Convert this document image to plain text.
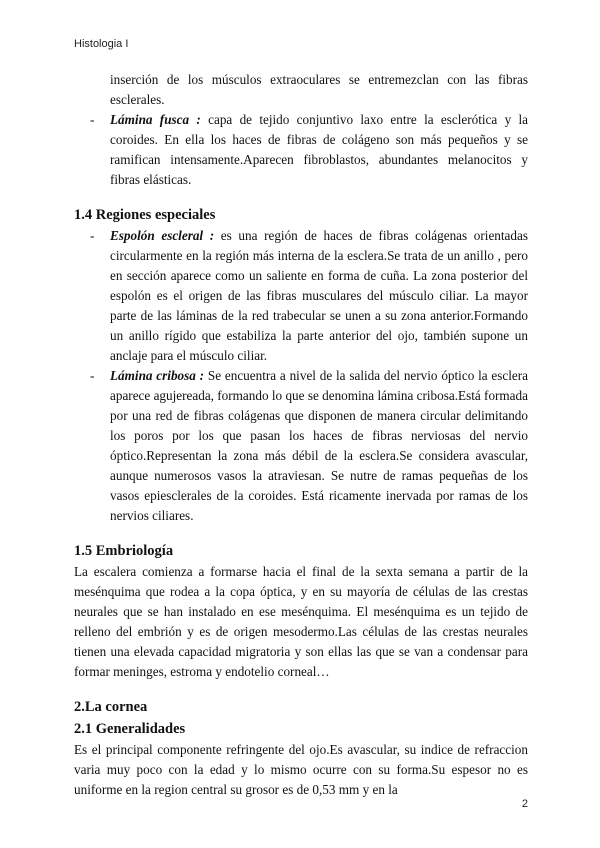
Histologia I

inserción de los músculos extraoculares se entremezclan con las fibras esclerales.

- Lámina fusca : capa de tejido conjuntivo laxo entre la esclerótica y la coroides. En ella los haces de fibras de colágeno son más pequeños y se ramifican intensamente.Aparecen fibroblastos, abundantes melanocitos y fibras elásticas.
1.4 Regiones especiales
- Espolón escleral : es una región de haces de fibras colágenas orientadas circularmente en la región más interna de la esclera.Se trata de un anillo , pero en sección aparece como un saliente en forma de cuña. La zona posterior del espolón es el origen de las fibras musculares del músculo ciliar. La mayor parte de las láminas de la red trabecular se unen a su zona anterior.Formando un anillo rígido que estabiliza la parte anterior del ojo, también supone un anclaje para el músculo ciliar.
- Lámina cribosa : Se encuentra a nivel de la salida del nervio óptico la esclera aparece agujereada, formando lo que se denomina lámina cribosa.Está formada por una red de fibras colágenas que disponen de manera circular delimitando los poros por los que pasan los haces de fibras nerviosas del nervio óptico.Representan la zona más débil de la esclera.Se considera avascular, aunque numerosos vasos la atraviesan. Se nutre de ramas pequeñas de los vasos epiesclerales de la coroides. Está ricamente inervada por ramas de los nervios ciliares.
1.5 Embriología

La escalera comienza a formarse hacia el final de la sexta semana a partir de la mesénquima que rodea a la copa óptica, y en su mayoría de células de las crestas neurales que se han instalado en ese mesénquima. El mesénquima es un tejido de relleno del embrión y es de origen mesodermo.Las células de las crestas neurales tienen una elevada capacidad migratoria y son ellas las que se van a condensar para formar meninges, estroma y endotelio corneal…

2.La cornea
2.1 Generalidades

Es el principal componente refringente del ojo.Es avascular, su indice de refraccion varia muy poco con la edad y lo mismo ocurre con su forma.Su espesor no es uniforme en la region central su grosor es de 0,53 mm y en la

2
